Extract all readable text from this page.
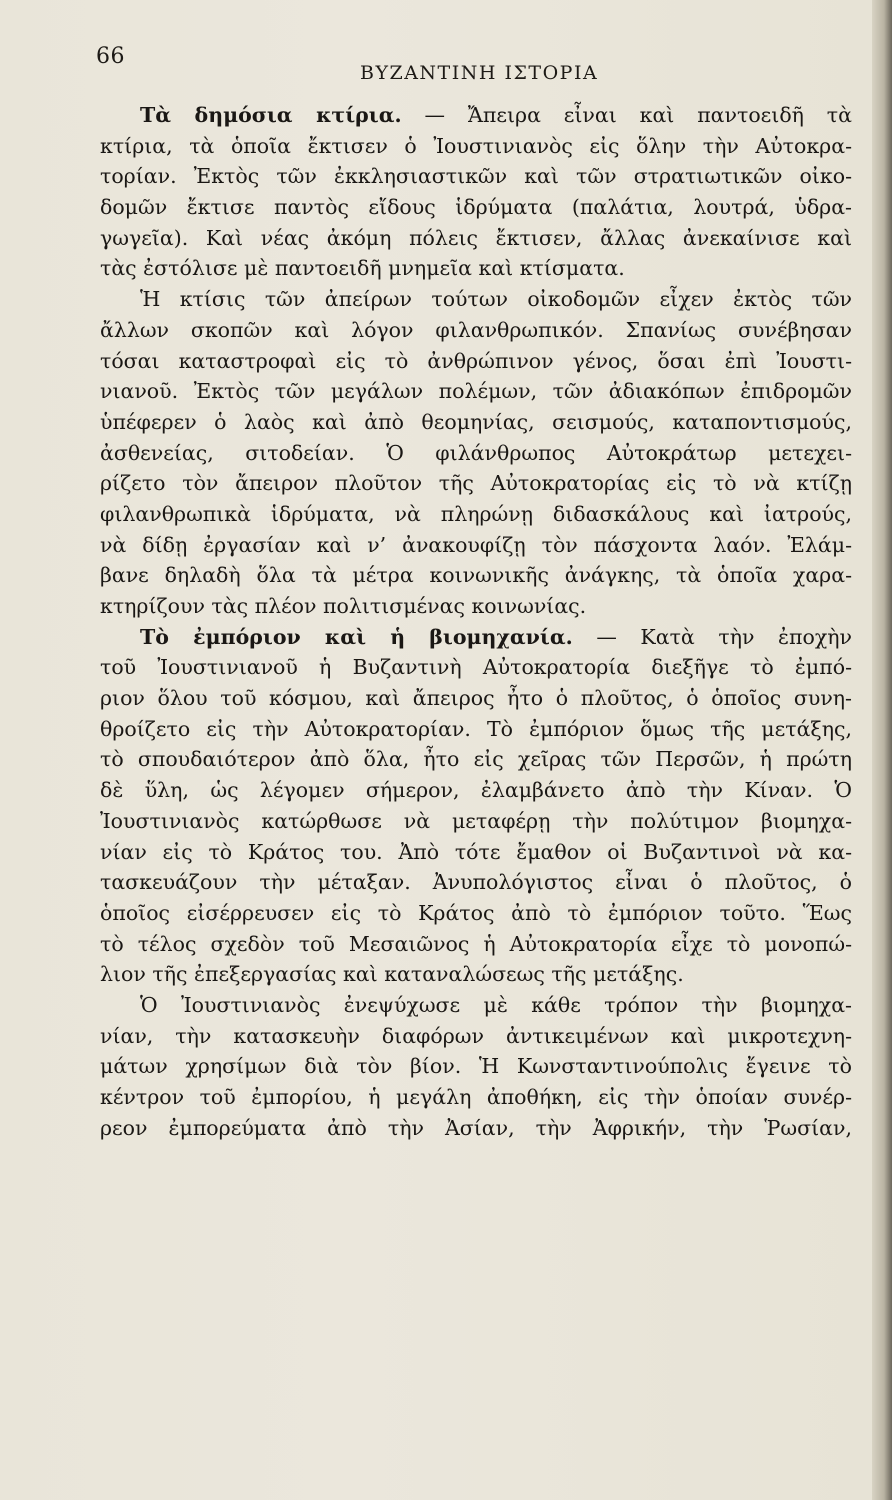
66
ΒΥΖΑΝΤΙΝΗ ΙΣΤΟΡΙΑ
Τὰ δημόσια κτίρια. — Ἄπειρα εἶναι καὶ παντοειδῆ τὰ
κτίρια, τὰ ὁποῖα ἔκτισεν ὁ Ἰουστινιανὸς εἰς ὅλην τὴν Αὐτοκρα-
τορίαν. Ἐκτὸς τῶν ἐκκλησιαστικῶν καὶ τῶν στρατιωτικῶν οἰκο-
δομῶν ἔκτισε παντὸς εἴδους ἱδρύματα (παλάτια, λουτρά, ὑδρα-
γωγεῖα). Καὶ νέας ἀκόμη πόλεις ἔκτισεν, ἄλλας ἀνεκαίνισε καὶ
τὰς ἐστόλισε μὲ παντοειδῆ μνημεῖα καὶ κτίσματα.
Ἡ κτίσις τῶν ἀπείρων τούτων οἰκοδομῶν εἶχεν ἐκτὸς τῶν
ἄλλων σκοπῶν καὶ λόγον φιλανθρωπικόν. Σπανίως συνέβησαν
τόσαι καταστροφαὶ εἰς τὸ ἀνθρώπινον γένος, ὅσαι ἐπὶ Ἰουστι-
νιανοῦ. Ἐκτὸς τῶν μεγάλων πολέμων, τῶν ἀδιακόπων ἐπιδρομῶν
ὑπέφερεν ὁ λαὸς καὶ ἀπὸ θεομηνίας, σεισμούς, καταποντισμούς,
ἀσθενείας, σιτοδείαν. Ὁ φιλάνθρωπος Αὐτοκράτωρ μετεχει-
ρίζετο τὸν ἄπειρον πλοῦτον τῆς Αὐτοκρατορίας εἰς τὸ νὰ κτίζῃ
φιλανθρωπικὰ ἱδρύματα, νὰ πληρώνῃ διδασκάλους καὶ ἰατρούς,
νὰ δίδῃ ἐργασίαν καὶ ν’ ἀνακουφίζῃ τὸν πάσχοντα λαόν. Ἐλάμ-
βανε δηλαδὴ ὅλα τὰ μέτρα κοινωνικῆς ἀνάγκης, τὰ ὁποῖα χαρα-
κτηρίζουν τὰς πλέον πολιτισμένας κοινωνίας.
Τὸ ἐμπόριον καὶ ἡ βιομηχανία. — Κατὰ τὴν ἐποχὴν
τοῦ Ἰουστινιανοῦ ἡ Βυζαντινὴ Αὐτοκρατορία διεξῆγε τὸ ἐμπό-
ριον ὅλου τοῦ κόσμου, καὶ ἄπειρος ἦτο ὁ πλοῦτος, ὁ ὁποῖος συνη-
θροίζετο εἰς τὴν Αὐτοκρατορίαν. Τὸ ἐμπόριον ὅμως τῆς μετάξης,
τὸ σπουδαιότερον ἀπὸ ὅλα, ἦτο εἰς χεῖρας τῶν Περσῶν, ἡ πρώτη
δὲ ὕλη, ὡς λέγομεν σήμερον, ἐλαμβάνετο ἀπὸ τὴν Κίναν. Ὁ
Ἰουστινιανὸς κατώρθωσε νὰ μεταφέρῃ τὴν πολύτιμον βιομηχα-
νίαν εἰς τὸ Κράτος του. Ἀπὸ τότε ἔμαθον οἱ Βυζαντινοὶ νὰ κα-
τασκευάζουν τὴν μέταξαν. Ἀνυπολόγιστος εἶναι ὁ πλοῦτος, ὁ
ὁποῖος εἰσέρρευσεν εἰς τὸ Κράτος ἀπὸ τὸ ἐμπόριον τοῦτο. Ἕως
τὸ τέλος σχεδὸν τοῦ Μεσαιῶνος ἡ Αὐτοκρατορία εἶχε τὸ μονοπώ-
λιον τῆς ἐπεξεργασίας καὶ καταναλώσεως τῆς μετάξης.
Ὁ Ἰουστινιανὸς ἐνεψύχωσε μὲ κάθε τρόπον τὴν βιομηχα-
νίαν, τὴν κατασκευὴν διαφόρων ἀντικειμένων καὶ μικροτεχνη-
μάτων χρησίμων διὰ τὸν βίον. Ἡ Κωνσταντινούπολις ἔγεινε τὸ
κέντρον τοῦ ἐμπορίου, ἡ μεγάλη ἀποθήκη, εἰς τὴν ὁποίαν συνέρ-
ρεον ἐμπορεύματα ἀπὸ τὴν Ἀσίαν, τὴν Ἀφρικήν, τὴν Ῥωσίαν,
